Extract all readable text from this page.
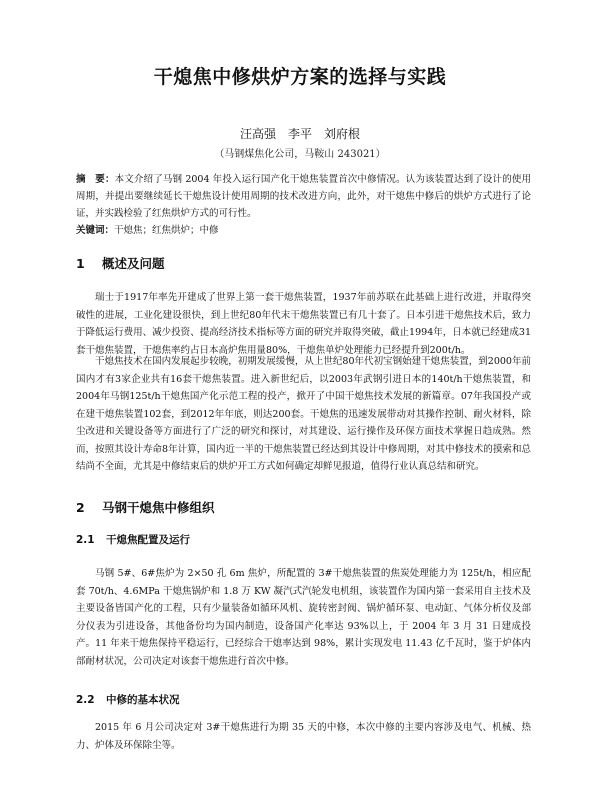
干熄焦中修烘炉方案的选择与实践
汪高强　李平　刘府根
（马钢煤焦化公司，马鞍山 243021）

摘　要：本文介绍了马钢 2004 年投入运行国产化干熄焦装置首次中修情况。认为该装置达到了设计的使用周期，并提出要继续延长干熄焦设计使用周期的技术改进方向，此外，对干熄焦中修后的烘炉方式进行了论证，并实践检验了红焦烘炉方式的可行性。

关键词：干熄焦；红焦烘炉；中修

1 概述及问题

瑞士于1917年率先开建成了世界上第一套干熄焦装置，1937年前苏联在此基础上进行改进，并取得突破性的进展，工业化建设很快，到上世纪80年代末干熄焦装置已有几十套了。日本引进干熄焦技术后，致力于降低运行费用、减少投资、提高经济技术指标等方面的研究并取得突破，截止1994年，日本就已经建成31套干熄焦装置，干熄焦率约占日本高炉焦用量80%，干熄焦单炉处理能力已经提升到200t/h。

干熄焦技术在国内发展起步较晚，初期发展缓慢，从上世纪80年代初宝钢始建干熄焦装置，到2000年前国内才有3家企业共有16套干熄焦装置。进入新世纪后，以2003年武钢引进日本的140t/h干熄焦装置，和2004年马钢125t/h干熄焦国产化示范工程的投产，掀开了中国干熄焦技术发展的新篇章。07年我国投产或在建干熄焦装置102套，到2012年年底，则达200套。干熄焦的迅速发展带动对其操作控制、耐火材料，除尘改进和关键设备等方面进行了广泛的研究和探讨，对其建设、运行操作及环保方面技术掌握日趋成熟。然而，按照其设计寿命8年计算，国内近一半的干熄焦装置已经达到其设计中修周期，对其中修技术的摸索和总结尚不全面，尤其是中修结束后的烘炉开工方式如何确定却鲜见报道，值得行业认真总结和研究。

2 马钢干熄焦中修组织
2.1 干熄焦配置及运行

马钢 5#、6#焦炉为 2×50 孔 6m 焦炉，所配置的 3#干熄焦装置的焦炭处理能力为 125t/h，相应配套 70t/h、4.6MPa 干熄焦锅炉和 1.8 万 KW 凝汽式汽轮发电机组，该装置作为国内第一套采用自主技术及主要设备皆国产化的工程，只有少量装备如循环风机、旋转密封阀、锅炉循环泵、电动缸、气体分析仪及部分仪表为引进设备，其他备份均为国内制造，设备国产化率达 93%以上，于 2004 年 3 月 31 日建成投产。11 年来干熄焦保持平稳运行，已经综合干熄率达到 98%，累计实现发电 11.43 亿千瓦时，鉴于炉体内部耐材状况，公司决定对该套干熄焦进行首次中修。

2.2 中修的基本状况

2015 年 6 月公司决定对 3#干熄焦进行为期 35 天的中修，本次中修的主要内容涉及电气、机械、热力、炉体及环保除尘等。
